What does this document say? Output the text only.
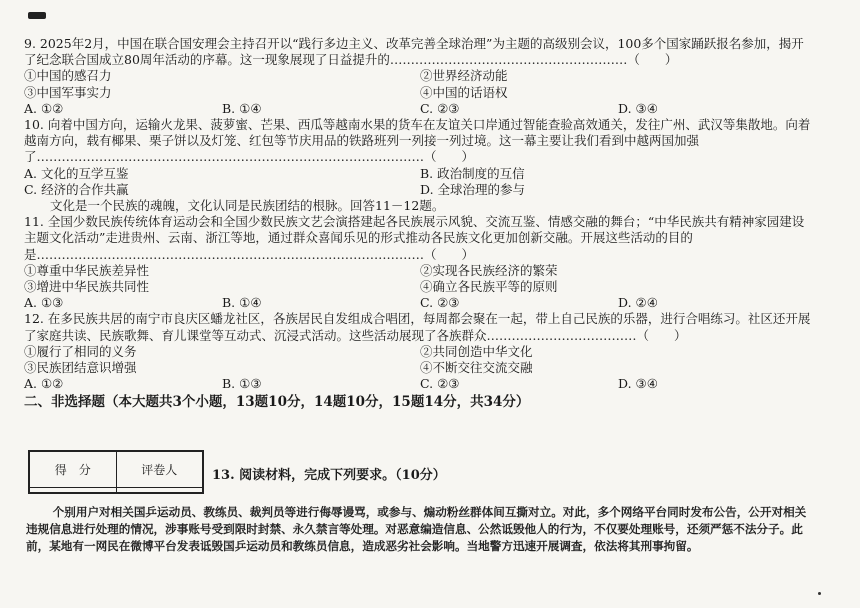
9. 2025年2月，中国在联合国安理会主持召开以“践行多边主义、改革完善全球治理”为主题的高级别会议，100多个国家踊跃报名参加，揭开了纪念联合国成立80周年活动的序幕。这一现象展现了日益提升的…………………………………………………（　　）
①中国的感召力	②世界经济动能
③中国军事实力	④中国的话语权
A. ①②	B. ①④	C. ②③	D. ③④
10. 向着中国方向，运输火龙果、菠萝蜜、芒果、西瓜等越南水果的货车在友谊关口岸通过智能查验高效通关，发往广州、武汉等集散地。向着越南方向，载有椰果、栗子饼以及灯笼、红包等节庆用品的铁路班列一列接一列过境。这一幕主要让我们看到中越两国加强了…………………………………………………………………………………（　　）
A. 文化的互学互鉴	B. 政治制度的互信
C. 经济的合作共赢	D. 全球治理的参与
文化是一个民族的魂魄，文化认同是民族团结的根脉。回答11－12题。
11. 全国少数民族传统体育运动会和全国少数民族文艺会演搭建起各民族展示风貌、交流互鉴、情感交融的舞台；“中华民族共有精神家园建设主题文化活动”走进贵州、云南、浙江等地，通过群众喜闻乐见的形式推动各民族文化更加创新交融。开展这些活动的目的是…………………………………………………………………………………（　　）
①尊重中华民族差异性	②实现各民族经济的繁荣
③增进中华民族共同性	④确立各民族平等的原则
A. ①③	B. ①④	C. ②③	D. ②④
12. 在多民族共居的南宁市良庆区蟠龙社区，各族居民自发组成合唱团，每周都会聚在一起，带上自己民族的乐器，进行合唱练习。社区还开展了家庭共读、民族歌舞、育儿课堂等互动式、沉浸式活动。这些活动展现了各族群众………………………………（　　）
①履行了相同的义务	②共同创造中华文化
③民族团结意识增强	④不断交往交流交融
A. ①②	B. ①③	C. ②③	D. ③④
二、非选择题（本大题共3个小题，13题10分，14题10分，15题14分，共34分）
得　分	评卷人
		13. 阅读材料，完成下列要求。（10分）
个别用户对相关国乒运动员、教练员、裁判员等进行侮辱谩骂，或参与、煽动粉丝群体间互撕对立。对此，多个网络平台同时发布公告，公开对相关违规信息进行处理的情况，涉事账号受到限时封禁、永久禁言等处理。对恶意编造信息、公然诋毁他人的行为，不仅要处理账号，还须严惩不法分子。此前，某地有一网民在微博平台发表诋毁国乒运动员和教练员信息，造成恶劣社会影响。当地警方迅速开展调查，依法将其刑事拘留。
